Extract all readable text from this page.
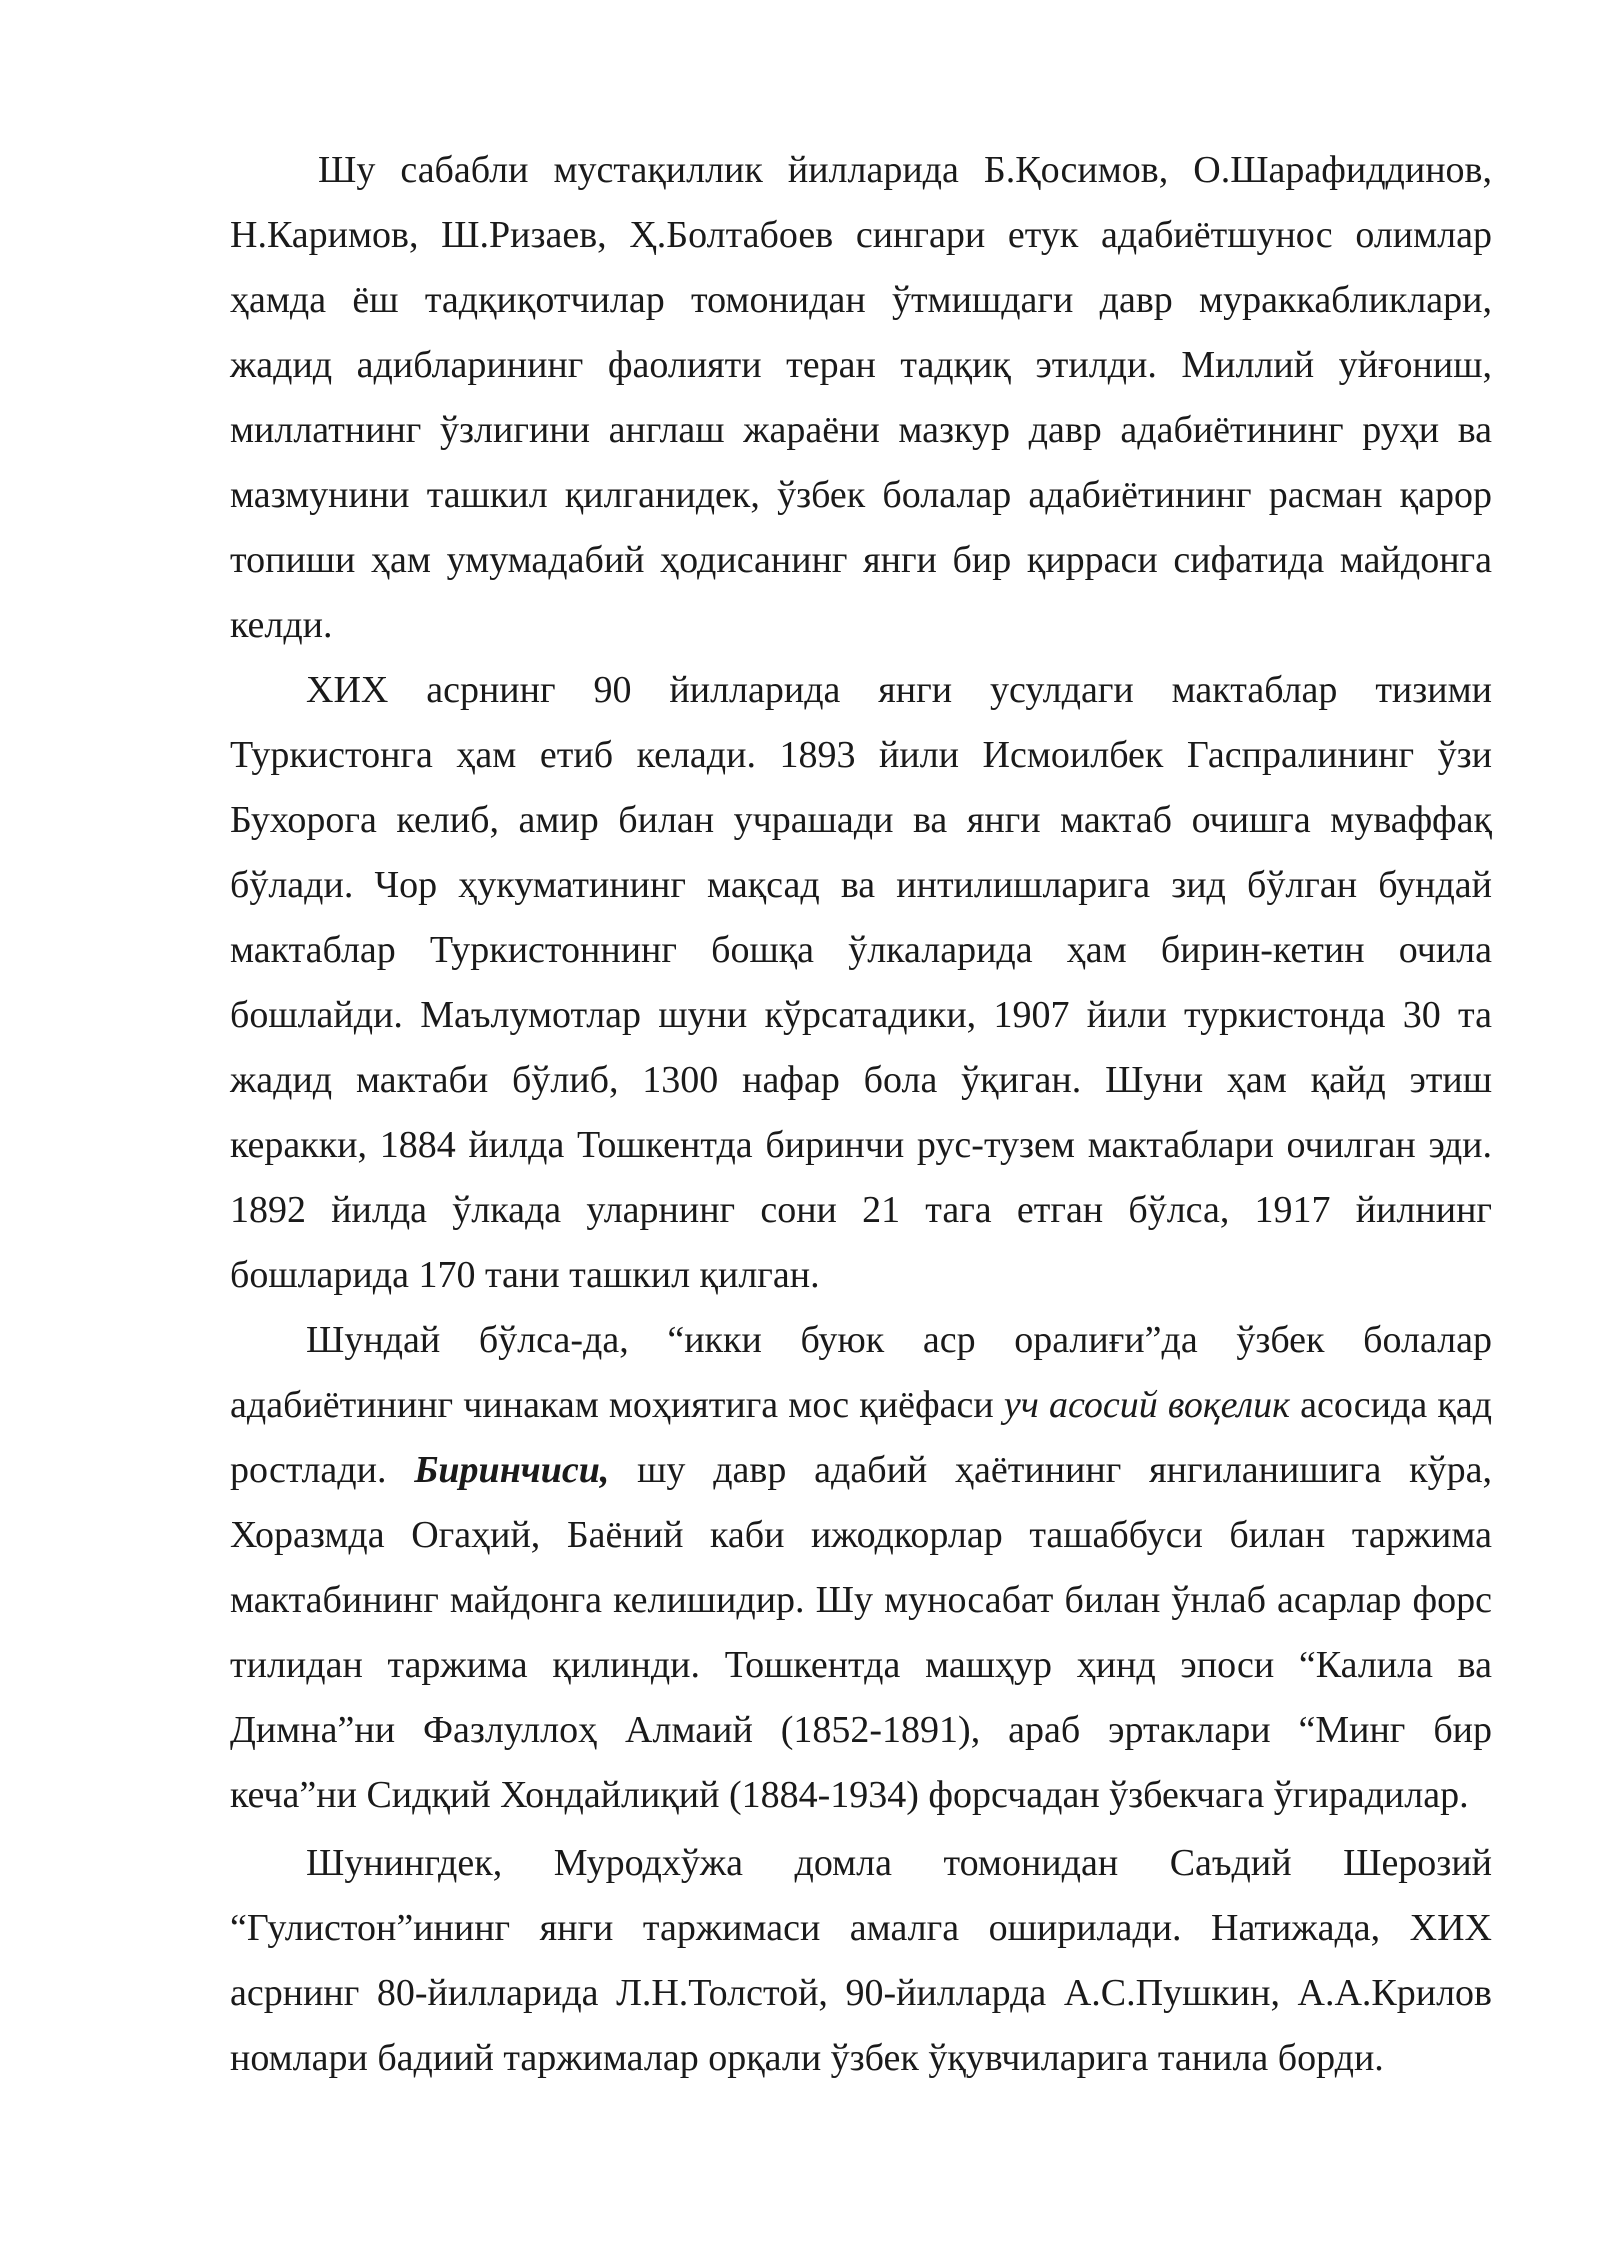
Шу сабабли мустақиллик йилларида Б.Қосимов, О.Шарафиддинов, Н.Каримов, Ш.Ризаев, Ҳ.Болтабоев сингари етук адабиётшунос олимлар ҳамда ёш тадқиқотчилар томонидан ўтмишдаги давр мураккабликлари, жадид адибларининг фаолияти теран тадқиқ этилди. Миллий уйғониш, миллатнинг ўзлигини англаш жараёни мазкур давр адабиётининг руҳи ва мазмунини ташкил қилганидек, ўзбек болалар адабиётининг расман қарор топиши ҳам умумадабий ҳодисанинг янги бир қирраси сифатида майдонга келди.

ХИХ асрнинг 90 йилларида янги усулдаги мактаблар тизими Туркистонга ҳам етиб келади. 1893 йили Исмоилбек Гаспралининг ўзи Бухорога келиб, амир билан учрашади ва янги мактаб очишга муваффақ бўлади. Чор ҳукуматининг мақсад ва интилишларига зид бўлган бундай мактаблар Туркистоннинг бошқа ўлкаларида ҳам бирин-кетин очила бошлайди. Маълумотлар шуни кўрсатадики, 1907 йили туркистонда 30 та жадид мактаби бўлиб, 1300 нафар бола ўқиган. Шуни ҳам қайд этиш керакки, 1884 йилда Тошкентда биринчи рус-тузем мактаблари очилган эди. 1892 йилда ўлкада уларнинг сони 21 тага етган бўлса, 1917 йилнинг бошларида 170 тани ташкил қилган.

Шундай бўлса-да, “икки буюк аср оралиғи”да ўзбек болалар адабиётининг чинакам моҳиятига мос қиёфаси уч асосий воқелик асосида қад ростлади. Биринчиси, шу давр адабий ҳаётининг янгиланишига кўра, Хоразмда Огаҳий, Баёний каби ижодкорлар ташаббуси билан таржима мактабининг майдонга келишидир. Шу муносабат билан ўнлаб асарлар форс тилидан таржима қилинди. Тошкентда машҳур ҳинд эпоси “Калила ва Димна”ни Фазлуллоҳ Алмаий (1852-1891), араб эртаклари “Минг бир кеча”ни Сидқий Хондайлиқий (1884-1934) форсчадан ўзбекчага ўгирадилар.

Шунингдек, Муродхўжа домла томонидан Саъдий Шерозий “Гулистон”ининг янги таржимаси амалга оширилади. Натижада, ХИХ асрнинг 80-йилларида Л.Н.Толстой, 90-йилларда А.С.Пушкин, А.А.Крилов номлари бадиий таржималар орқали ўзбек ўқувчиларига танила борди.
